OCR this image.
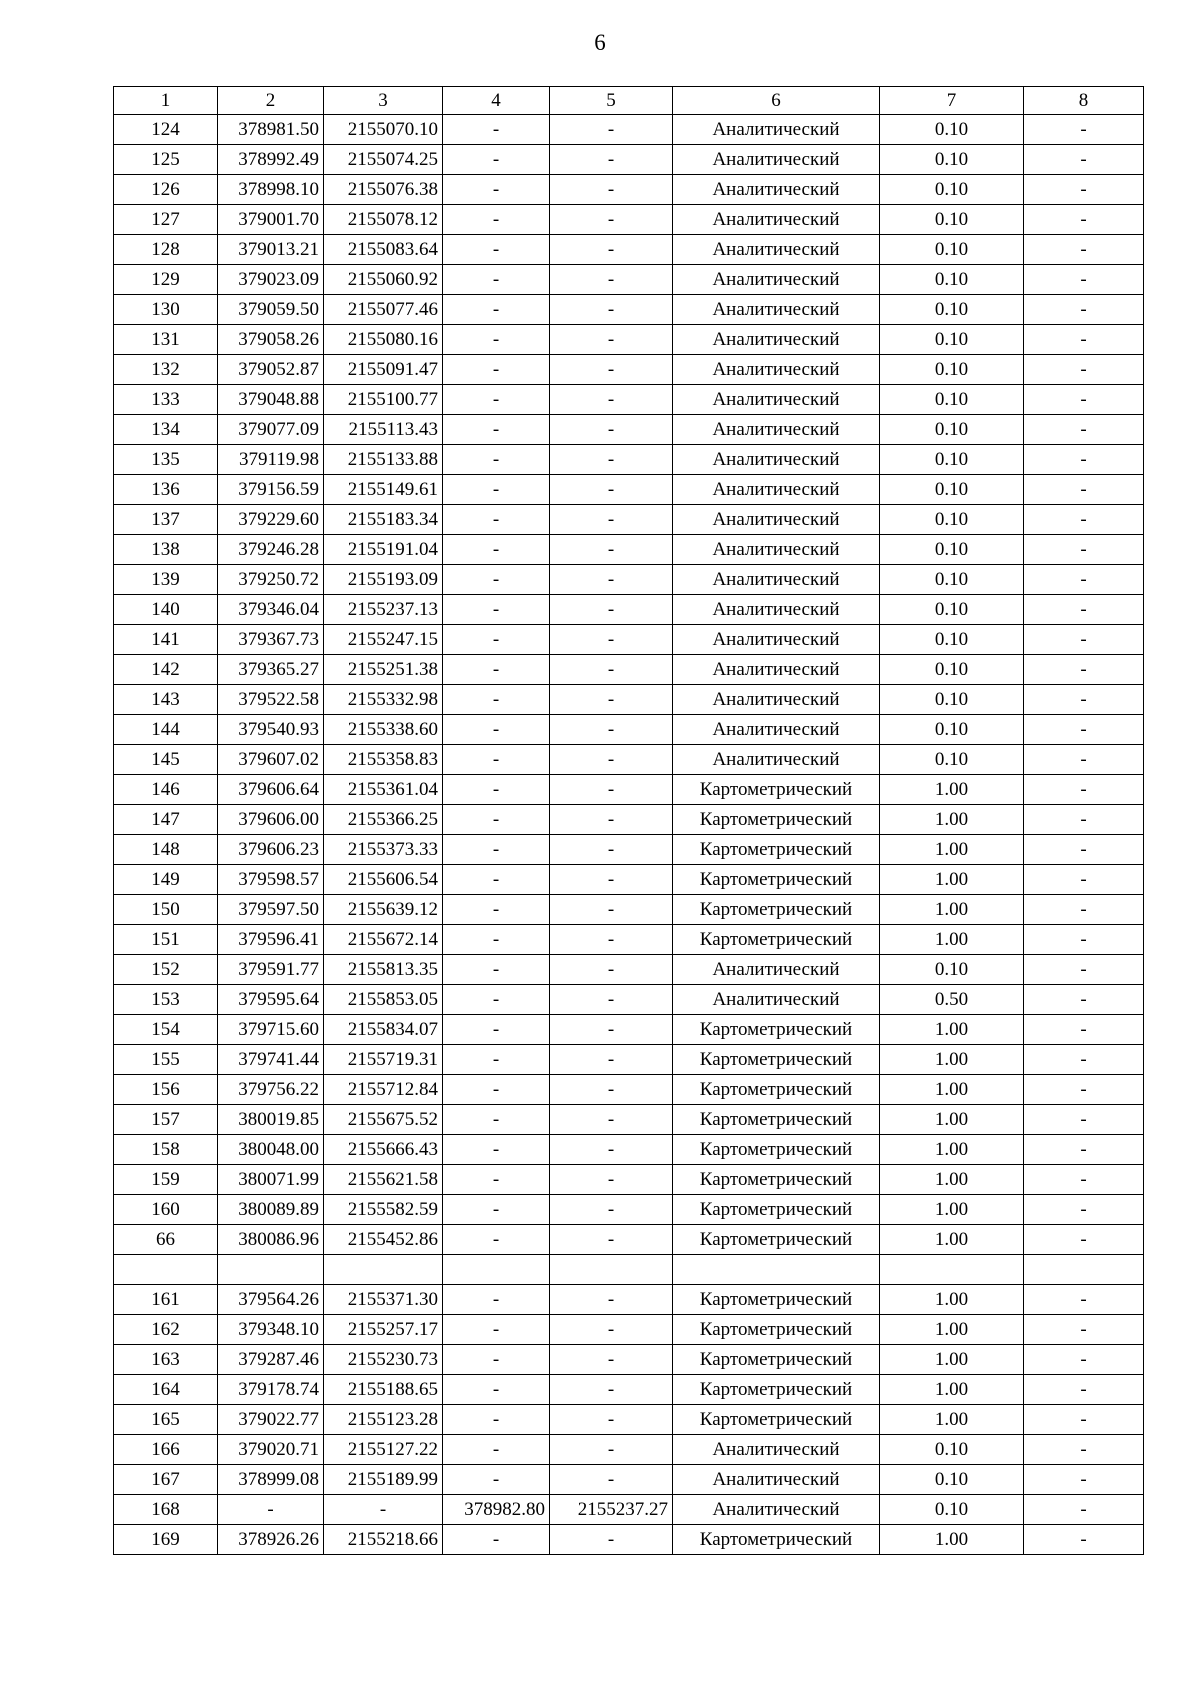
6
1	2	3	4	5	6	7	8
124	378981.50	2155070.10	-	-	Аналитический	0.10	-
125	378992.49	2155074.25	-	-	Аналитический	0.10	-
126	378998.10	2155076.38	-	-	Аналитический	0.10	-
127	379001.70	2155078.12	-	-	Аналитический	0.10	-
128	379013.21	2155083.64	-	-	Аналитический	0.10	-
129	379023.09	2155060.92	-	-	Аналитический	0.10	-
130	379059.50	2155077.46	-	-	Аналитический	0.10	-
131	379058.26	2155080.16	-	-	Аналитический	0.10	-
132	379052.87	2155091.47	-	-	Аналитический	0.10	-
133	379048.88	2155100.77	-	-	Аналитический	0.10	-
134	379077.09	2155113.43	-	-	Аналитический	0.10	-
135	379119.98	2155133.88	-	-	Аналитический	0.10	-
136	379156.59	2155149.61	-	-	Аналитический	0.10	-
137	379229.60	2155183.34	-	-	Аналитический	0.10	-
138	379246.28	2155191.04	-	-	Аналитический	0.10	-
139	379250.72	2155193.09	-	-	Аналитический	0.10	-
140	379346.04	2155237.13	-	-	Аналитический	0.10	-
141	379367.73	2155247.15	-	-	Аналитический	0.10	-
142	379365.27	2155251.38	-	-	Аналитический	0.10	-
143	379522.58	2155332.98	-	-	Аналитический	0.10	-
144	379540.93	2155338.60	-	-	Аналитический	0.10	-
145	379607.02	2155358.83	-	-	Аналитический	0.10	-
146	379606.64	2155361.04	-	-	Картометрический	1.00	-
147	379606.00	2155366.25	-	-	Картометрический	1.00	-
148	379606.23	2155373.33	-	-	Картометрический	1.00	-
149	379598.57	2155606.54	-	-	Картометрический	1.00	-
150	379597.50	2155639.12	-	-	Картометрический	1.00	-
151	379596.41	2155672.14	-	-	Картометрический	1.00	-
152	379591.77	2155813.35	-	-	Аналитический	0.10	-
153	379595.64	2155853.05	-	-	Аналитический	0.50	-
154	379715.60	2155834.07	-	-	Картометрический	1.00	-
155	379741.44	2155719.31	-	-	Картометрический	1.00	-
156	379756.22	2155712.84	-	-	Картометрический	1.00	-
157	380019.85	2155675.52	-	-	Картометрический	1.00	-
158	380048.00	2155666.43	-	-	Картометрический	1.00	-
159	380071.99	2155621.58	-	-	Картометрический	1.00	-
160	380089.89	2155582.59	-	-	Картометрический	1.00	-
66	380086.96	2155452.86	-	-	Картометрический	1.00	-

161	379564.26	2155371.30	-	-	Картометрический	1.00	-
162	379348.10	2155257.17	-	-	Картометрический	1.00	-
163	379287.46	2155230.73	-	-	Картометрический	1.00	-
164	379178.74	2155188.65	-	-	Картометрический	1.00	-
165	379022.77	2155123.28	-	-	Картометрический	1.00	-
166	379020.71	2155127.22	-	-	Аналитический	0.10	-
167	378999.08	2155189.99	-	-	Аналитический	0.10	-
168	-	-	378982.80	2155237.27	Аналитический	0.10	-
169	378926.26	2155218.66	-	-	Картометрический	1.00	-
